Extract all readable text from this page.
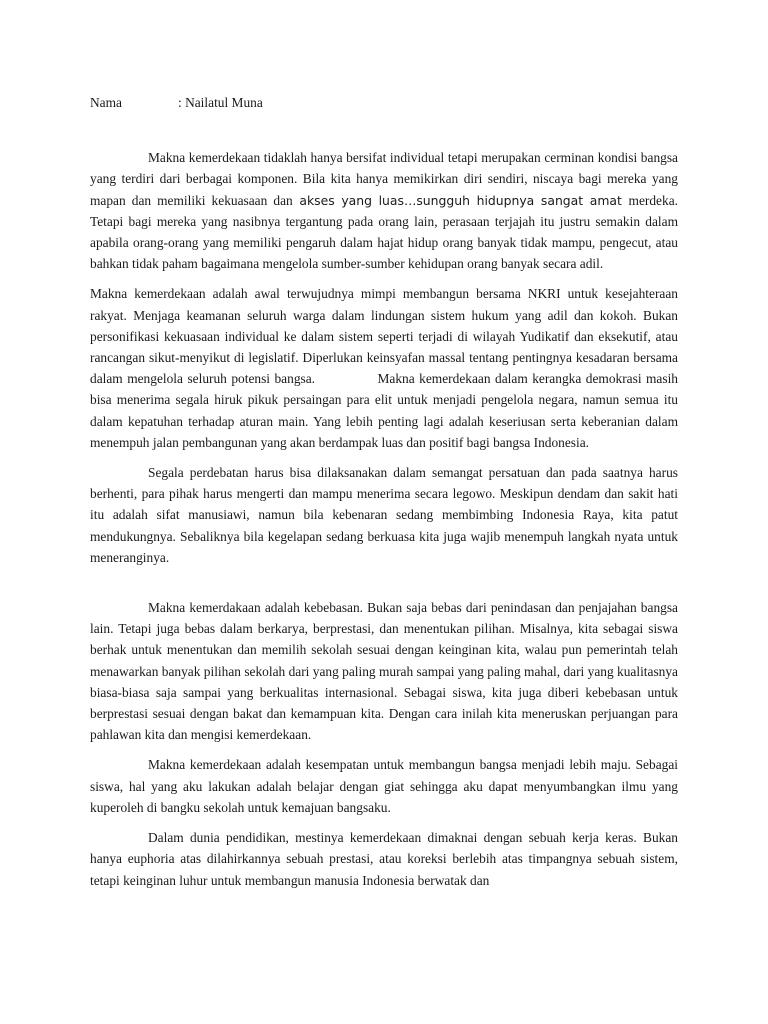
Nama	: Nailatul Muna

Makna kemerdekaan tidaklah hanya bersifat individual tetapi merupakan cerminan kondisi bangsa yang terdiri dari berbagai komponen. Bila kita hanya memikirkan diri sendiri, niscaya bagi mereka yang mapan dan memiliki kekuasaan dan akses yang luas…sungguh hidupnya sangat amat merdeka. Tetapi bagi mereka yang nasibnya tergantung pada orang lain, perasaan terjajah itu justru semakin dalam apabila orang-orang yang memiliki pengaruh dalam hajat hidup orang banyak tidak mampu, pengecut, atau bahkan tidak paham bagaimana mengelola sumber-sumber kehidupan orang banyak secara adil.

Makna kemerdekaan adalah awal terwujudnya mimpi membangun bersama NKRI untuk kesejahteraan rakyat. Menjaga keamanan seluruh warga dalam lindungan sistem hukum yang adil dan kokoh. Bukan personifikasi kekuasaan individual ke dalam sistem seperti terjadi di wilayah Yudikatif dan eksekutif, atau rancangan sikut-menyikut di legislatif. Diperlukan keinsyafan massal tentang pentingnya kesadaran bersama dalam mengelola seluruh potensi bangsa.	Makna kemerdekaan dalam kerangka demokrasi masih bisa menerima segala hiruk pikuk persaingan para elit untuk menjadi pengelola negara, namun semua itu dalam kepatuhan terhadap aturan main. Yang lebih penting lagi adalah keseriusan serta keberanian dalam menempuh jalan pembangunan yang akan berdampak luas dan positif bagi bangsa Indonesia.

Segala perdebatan harus bisa dilaksanakan dalam semangat persatuan dan pada saatnya harus berhenti, para pihak harus mengerti dan mampu menerima secara legowo. Meskipun dendam dan sakit hati itu adalah sifat manusiawi, namun bila kebenaran sedang membimbing Indonesia Raya, kita patut mendukungnya. Sebaliknya bila kegelapan sedang berkuasa kita juga wajib menempuh langkah nyata untuk meneranginya.

Makna kemerdakaan adalah kebebasan. Bukan saja bebas dari penindasan dan penjajahan bangsa lain. Tetapi juga bebas dalam berkarya, berprestasi, dan menentukan pilihan. Misalnya, kita sebagai siswa berhak untuk menentukan dan memilih sekolah sesuai dengan keinginan kita, walau pun pemerintah telah menawarkan banyak pilihan sekolah dari yang paling murah sampai yang paling mahal, dari yang kualitasnya biasa-biasa saja sampai yang berkualitas internasional. Sebagai siswa, kita juga diberi kebebasan untuk berprestasi sesuai dengan bakat dan kemampuan kita. Dengan cara inilah kita meneruskan perjuangan para pahlawan kita dan mengisi kemerdekaan.

Makna kemerdekaan adalah kesempatan untuk membangun bangsa menjadi lebih maju. Sebagai siswa, hal yang aku lakukan adalah belajar dengan giat sehingga aku dapat menyumbangkan ilmu yang kuperoleh di bangku sekolah untuk kemajuan bangsaku.

Dalam dunia pendidikan, mestinya kemerdekaan dimaknai dengan sebuah kerja keras. Bukan hanya euphoria atas dilahirkannya sebuah prestasi, atau koreksi berlebih atas timpangnya sebuah sistem, tetapi keinginan luhur untuk membangun manusia Indonesia berwatak dan
